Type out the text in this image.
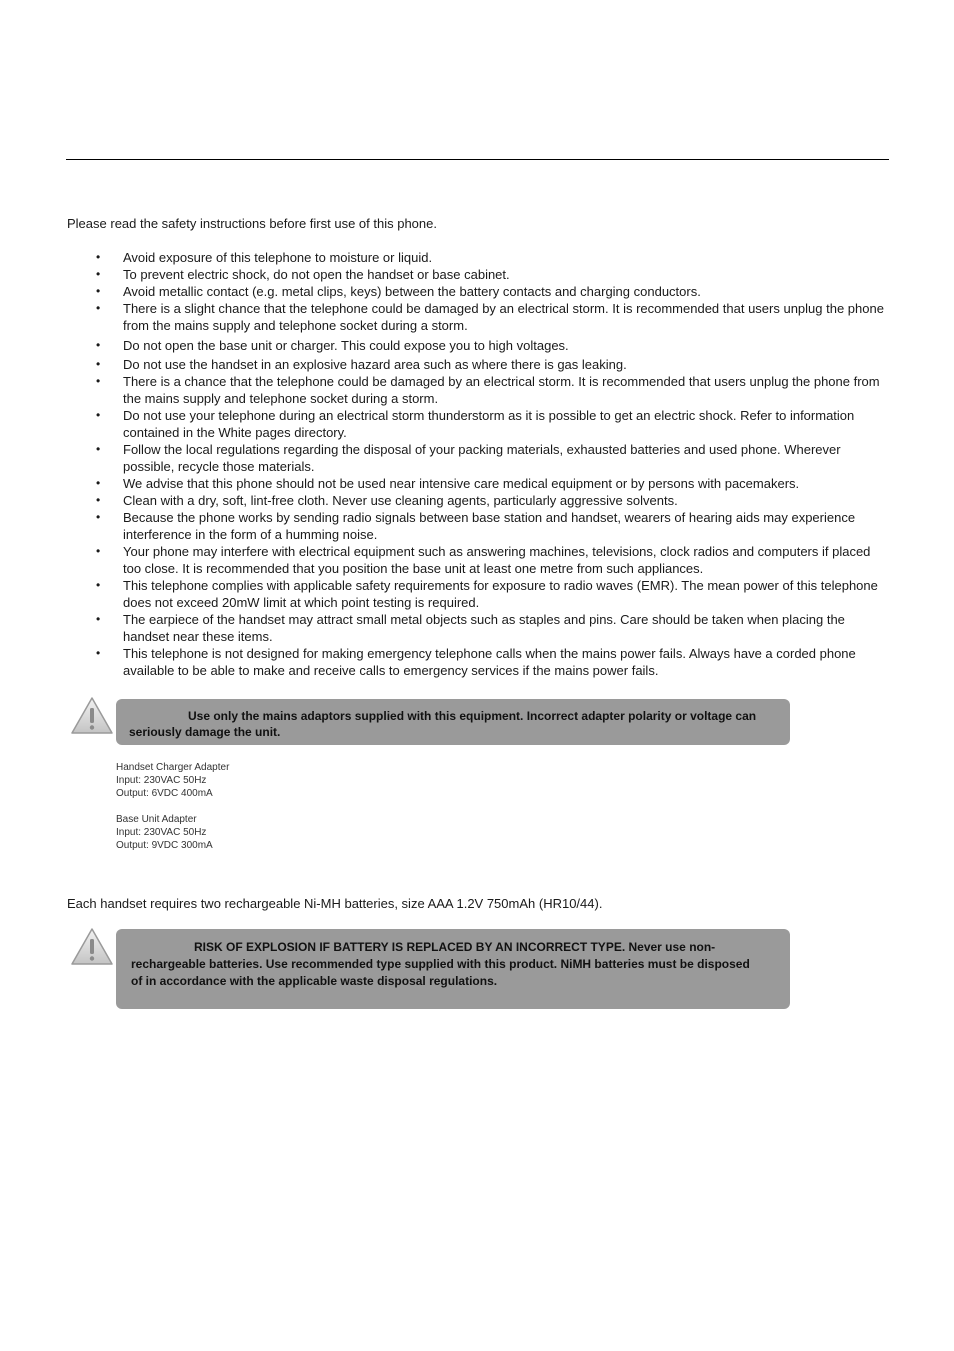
Please read the safety instructions before first use of this phone.
• Avoid exposure of this telephone to moisture or liquid.
• To prevent electric shock, do not open the handset or base cabinet.
• Avoid metallic contact (e.g. metal clips, keys) between the battery contacts and charging conductors.
• There is a slight chance that the telephone could be damaged by an electrical storm. It is recommended that users unplug the phone from the mains supply and telephone socket during a storm.
• Do not open the base unit or charger. This could expose you to high voltages.
• Do not use the handset in an explosive hazard area such as where there is gas leaking.
• There is a chance that the telephone could be damaged by an electrical storm. It is recommended that users unplug the phone from the mains supply and telephone socket during a storm.
• Do not use your telephone during an electrical storm thunderstorm as it is possible to get an electric shock. Refer to information contained in the White pages directory.
• Follow the local regulations regarding the disposal of your packing materials, exhausted batteries and used phone. Wherever possible, recycle those materials.
• We advise that this phone should not be used near intensive care medical equipment or by persons with pacemakers.
• Clean with a dry, soft, lint-free cloth. Never use cleaning agents, particularly aggressive solvents.
• Because the phone works by sending radio signals between base station and handset, wearers of hearing aids may experience interference in the form of a humming noise.
• Your phone may interfere with electrical equipment such as answering machines, televisions, clock radios and computers if placed too close. It is recommended that you position the base unit at least one metre from such appliances.
• This telephone complies with applicable safety requirements for exposure to radio waves (EMR). The mean power of this telephone does not exceed 20mW limit at which point testing is required.
• The earpiece of the handset may attract small metal objects such as staples and pins. Care should be taken when placing the handset near these items.
• This telephone is not designed for making emergency telephone calls when the mains power fails. Always have a corded phone available to be able to make and receive calls to emergency services if the mains power fails.
Use only the mains adaptors supplied with this equipment. Incorrect adapter polarity or voltage can
seriously damage the unit.
Handset Charger Adapter
Input: 230VAC 50Hz
Output: 6VDC 400mA
Base Unit Adapter
Input: 230VAC 50Hz
Output: 9VDC 300mA
Each handset requires two rechargeable Ni-MH batteries, size AAA 1.2V 750mAh (HR10/44).
RISK OF EXPLOSION IF BATTERY IS REPLACED BY AN INCORRECT TYPE. Never use non-
rechargeable batteries. Use recommended type supplied with this product. NiMH batteries must be disposed
of in accordance with the applicable waste disposal regulations.
